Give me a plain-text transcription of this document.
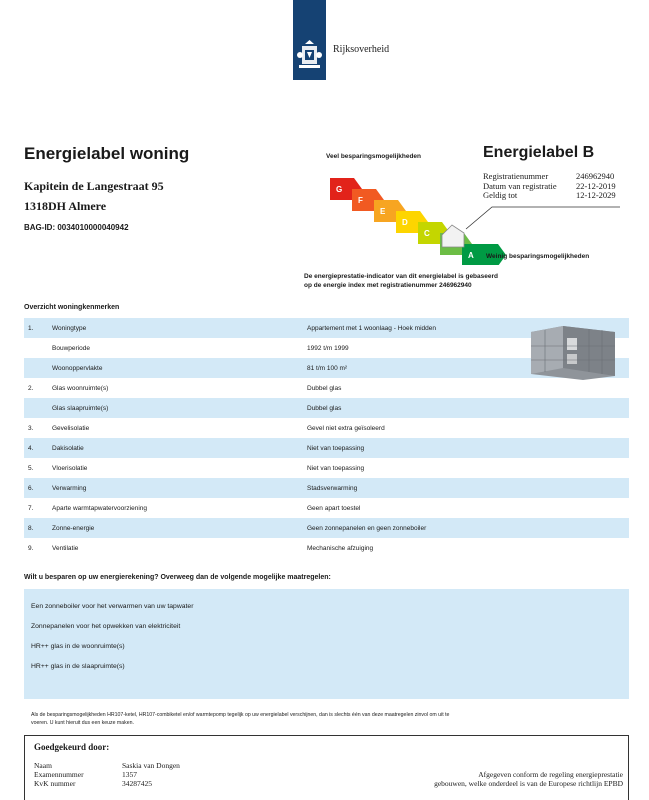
Rijksoverheid
Energielabel woning
Kapitein de Langestraat 95
1318DH Almere
BAG-ID: 0034010000040942
Veel besparingsmogelijkheden
G
F
E
D
C
A Weinig besparingsmogelijkheden
Energielabel B
Registratienummer	246962940
Datum van registratie	22-12-2019
Geldig tot	12-12-2029
De energieprestatie-indicator van dit energielabel is gebaseerd
op de energie index met registratienummer 246962940
Overzicht woningkenmerken
1.	Woningtype	Appartement met 1 woonlaag - Hoek midden
Bouwperiode	1992 t/m 1999
Woonoppervlakte	81 t/m 100 m²
2.	Glas woonruimte(s)	Dubbel glas
Glas slaapruimte(s)	Dubbel glas
3.	Gevelisolatie	Gevel niet extra geïsoleerd
4.	Dakisolatie	Niet van toepassing
5.	Vloerisolatie	Niet van toepassing
6.	Verwarming	Stadsverwarming
7.	Aparte warmtapwatervoorziening	Geen apart toestel
8.	Zonne-energie	Geen zonnepanelen en geen zonneboiler
9.	Ventilatie	Mechanische afzuiging
Wilt u besparen op uw energierekening? Overweeg dan de volgende mogelijke maatregelen:
Een zonneboiler voor het verwarmen van uw tapwater
Zonnepanelen voor het opwekken van elektriciteit
HR++ glas in de woonruimte(s)
HR++ glas in de slaapruimte(s)
Als de besparingsmogelijkheden HR107-ketel, HR107-combiketel en/of warmtepomp tegelijk op uw energielabel verschijnen, dan is slechts één van deze maatregelen zinvol om uit te
voeren. U kunt hieruit dus een keuze maken.
Goedgekeurd door:
Naam	Saskia van Dongen
Examennummer	1357
KvK nummer	34287425
Afgegeven conform de regeling energieprestatie
gebouwen, welke onderdeel is van de Europese richtlijn EPBD
